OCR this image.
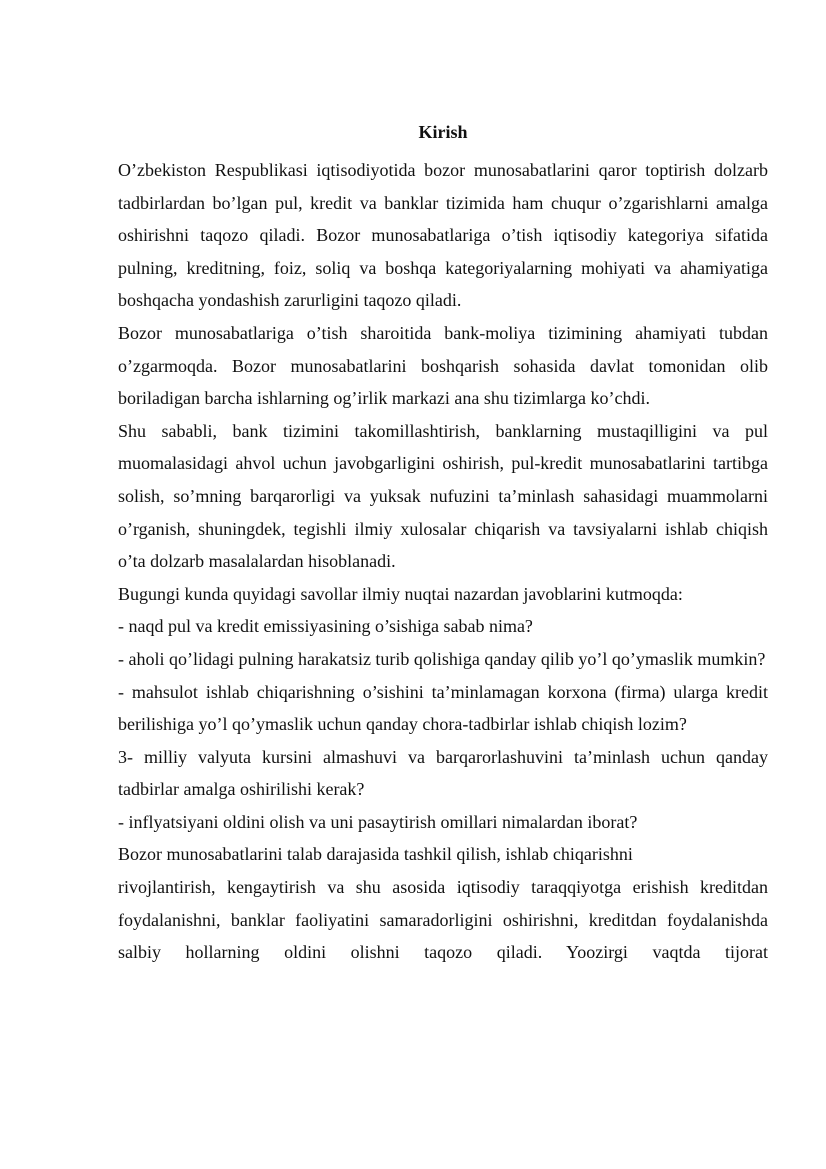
Kirish

O’zbekiston Respublikasi iqtisodiyotida bozor munosabatlarini qaror toptirish dolzarb tadbirlardan bo’lgan pul, kredit va banklar tizimida ham chuqur o’zgarishlarni amalga oshirishni taqozo qiladi. Bozor munosabatlariga o’tish iqtisodiy kategoriya sifatida pulning, kreditning, foiz, soliq va boshqa kategoriyalarning mohiyati va ahamiyatiga boshqacha yondashish zarurligini taqozo qiladi.

Bozor munosabatlariga o’tish sharoitida bank-moliya tizimining ahamiyati tubdan o’zgarmoqda. Bozor munosabatlarini boshqarish sohasida davlat tomonidan olib boriladigan barcha ishlarning og’irlik markazi ana shu tizimlarga ko’chdi.

Shu sababli, bank tizimini takomillashtirish, banklarning mustaqilligini va pul muomalasidagi ahvol uchun javobgarligini oshirish, pul-kredit munosabatlarini tartibga solish, so’mning barqarorligi va yuksak nufuzini ta’minlash sahasidagi muammolarni o’rganish, shuningdek, tegishli ilmiy xulosalar chiqarish va tavsiyalarni ishlab chiqish o’ta dolzarb masalalardan hisoblanadi.

Bugungi kunda quyidagi savollar ilmiy nuqtai nazardan javoblarini kutmoqda:

- naqd pul va kredit emissiyasining o’sishiga sabab nima?

- aholi qo’lidagi pulning harakatsiz turib qolishiga qanday qilib yo’l qo’ymaslik mumkin?

- mahsulot ishlab chiqarishning o’sishini ta’minlamagan korxona (firma) ularga kredit berilishiga yo’l qo’ymaslik uchun qanday chora-tadbirlar ishlab chiqish lozim?

3- milliy valyuta kursini almashuvi va barqarorlashuvini ta’minlash uchun qanday tadbirlar amalga oshirilishi kerak?

- inflyatsiyani oldini olish va uni pasaytirish omillari nimalardan iborat?

Bozor munosabatlarini talab darajasida tashkil qilish, ishlab chiqarishni

rivojlantirish, kengaytirish va shu asosida iqtisodiy taraqqiyotga erishish kreditdan foydalanishni, banklar faoliyatini samaradorligini oshirishni, kreditdan foydalanishda salbiy hollarning oldini olishni taqozo qiladi. Yoozirgi vaqtda tijorat
